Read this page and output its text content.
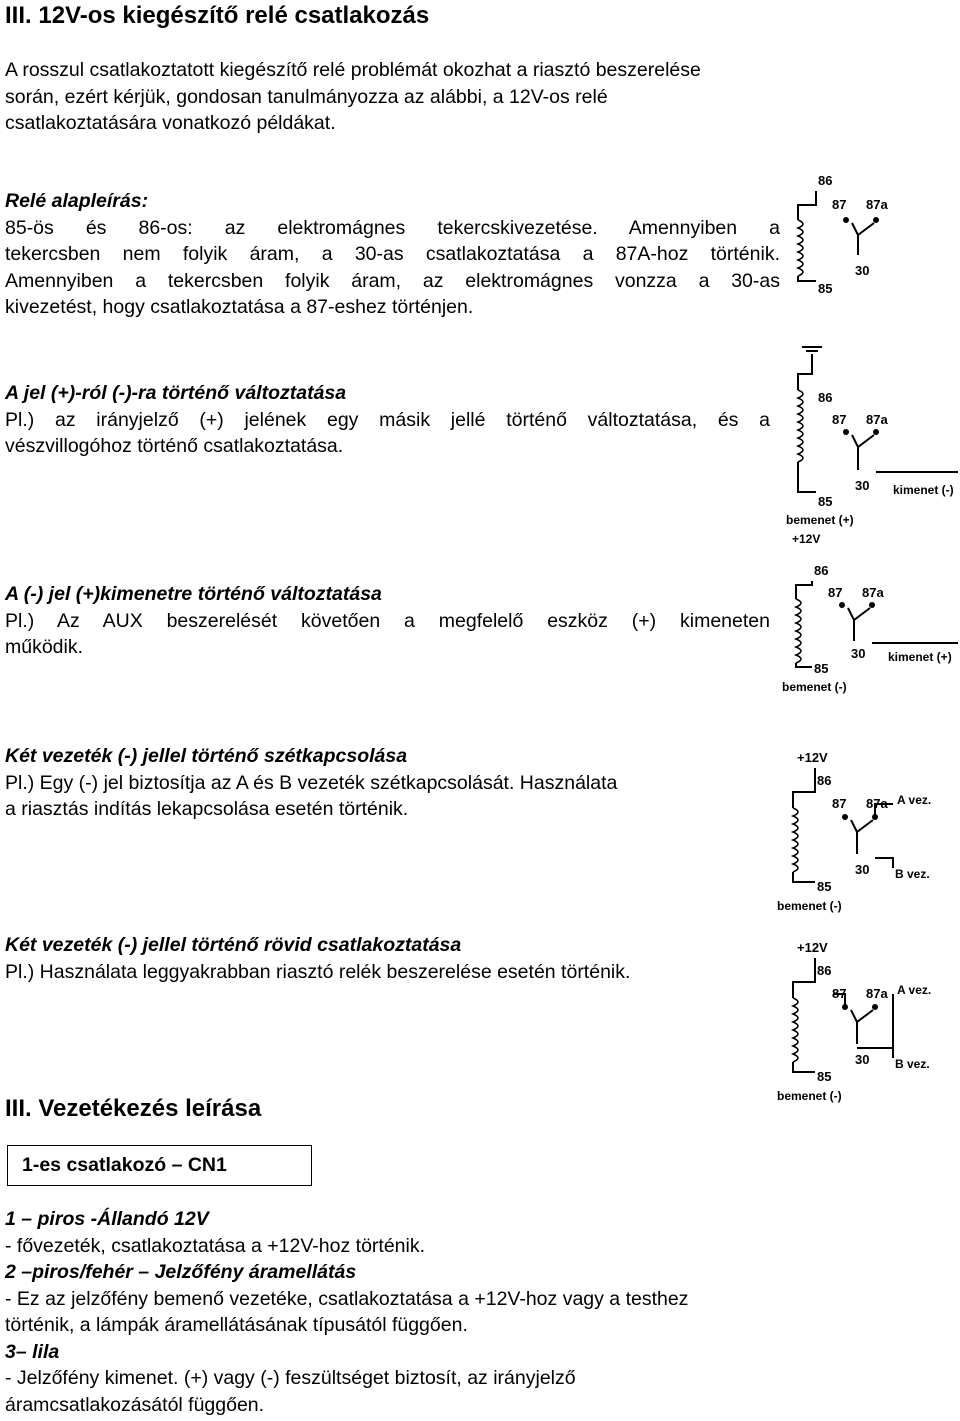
III. 12V-os kiegészítő relé csatlakozás
A rosszul csatlakoztatott kiegészítő relé problémát okozhat a riasztó beszerelése
során, ezért kérjük, gondosan tanulmányozza az alábbi, a 12V-os relé
csatlakoztatására vonatkozó példákat.
Relé alapleírás:
85-ös és 86-os: az elektromágnes tekercskivezetése. Amennyiben a
tekercsben nem folyik áram, a 30-as csatlakoztatása a 87A-hoz történik.
Amennyiben a tekercsben folyik áram, az elektromágnes vonzza a 30-as
kivezetést, hogy csatlakoztatása a 87-eshez történjen.
86
87 87a
30
85
A jel (+)-ról (-)-ra történő változtatása
Pl.) az irányjelző (+) jelének egy másik jellé történő változtatása, és a
vészvillogóhoz történő csatlakoztatása.
86
87 87a
30 kimenet (-)
85
bemenet (+)
+12V
A (-) jel (+)kimenetre történő változtatása
Pl.) Az AUX beszerelését követően a megfelelő eszköz (+) kimeneten
működik.
86
87 87a
30 kimenet (+)
85
bemenet (-)
Két vezeték (-) jellel történő szétkapcsolása
Pl.) Egy (-) jel biztosítja az A és B vezeték szétkapcsolását. Használata
a riasztás indítás lekapcsolása esetén történik.
+12V
86
87 87a A vez.
30 B vez.
85
bemenet (-)
Két vezeték (-) jellel történő rövid csatlakoztatása
Pl.) Használata leggyakrabban riasztó relék beszerelése esetén történik.
+12V
86
87 87a A vez.
30 B vez.
85
bemenet (-)
III. Vezetékezés leírása
1-es csatlakozó – CN1
1 – piros -Állandó 12V
- fővezeték, csatlakoztatása a +12V-hoz történik.
2 –piros/fehér – Jelzőfény áramellátás
- Ez az jelzőfény bemenő vezetéke, csatlakoztatása a +12V-hoz vagy a testhez
történik, a lámpák áramellátásának típusától függően.
3– lila
- Jelzőfény kimenet. (+) vagy (-) feszültséget biztosít, az irányjelző
áramcsatlakozásától függően.
